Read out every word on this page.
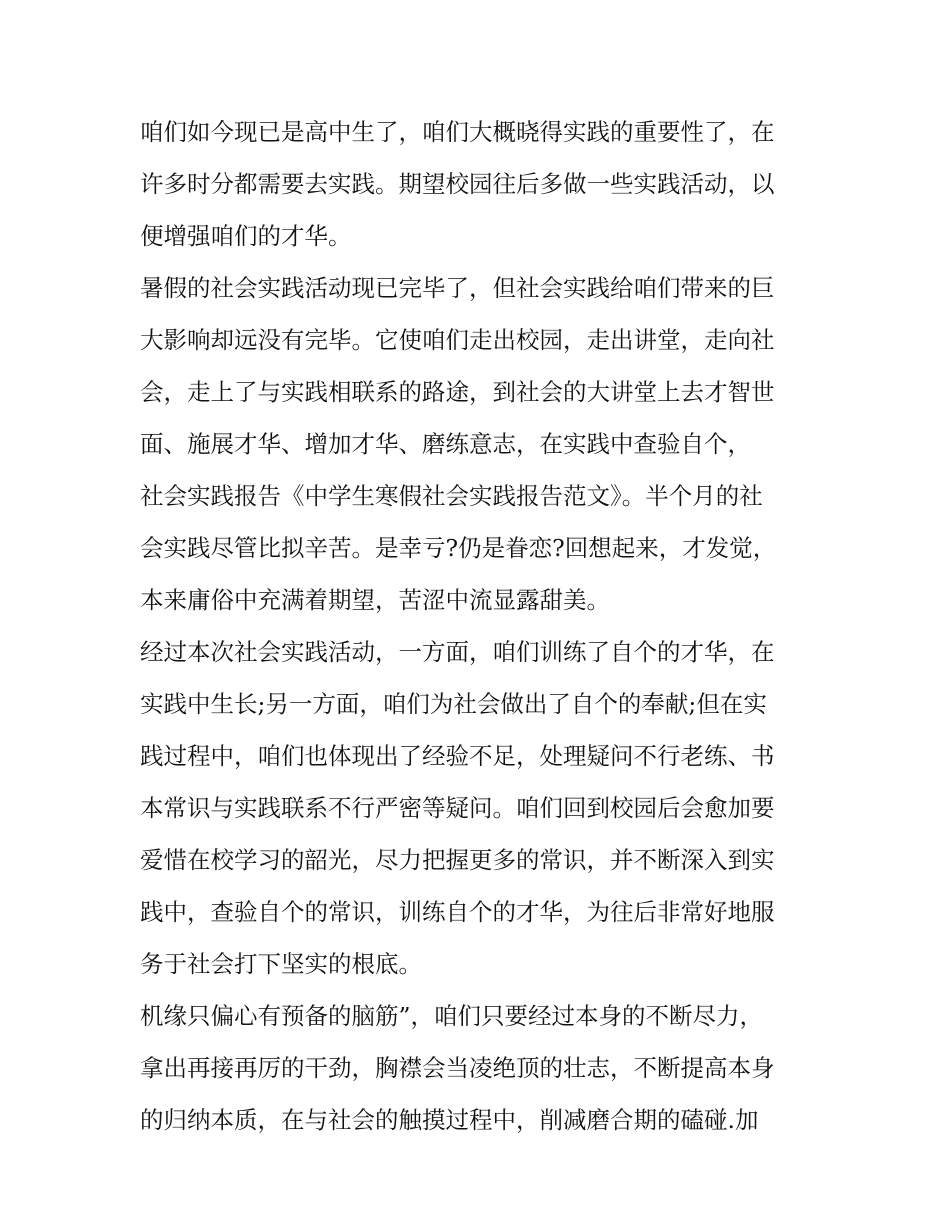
咱们如今现已是高中生了，咱们大概晓得实践的重要性了，在
许多时分都需要去实践。期望校园往后多做一些实践活动，以
便增强咱们的才华。
暑假的社会实践活动现已完毕了，但社会实践给咱们带来的巨
大影响却远没有完毕。它使咱们走出校园，走出讲堂，走向社
会，走上了与实践相联系的路途，到社会的大讲堂上去才智世
面、施展才华、增加才华、磨练意志，在实践中查验自个，
社会实践报告《中学生寒假社会实践报告范文》。半个月的社
会实践尽管比拟辛苦。是幸亏?仍是眷恋?回想起来，才发觉，
本来庸俗中充满着期望，苦涩中流显露甜美。
经过本次社会实践活动，一方面，咱们训练了自个的才华，在
实践中生长;另一方面，咱们为社会做出了自个的奉献;但在实
践过程中，咱们也体现出了经验不足，处理疑问不行老练、书
本常识与实践联系不行严密等疑问。咱们回到校园后会愈加要
爱惜在校学习的韶光，尽力把握更多的常识，并不断深入到实
践中，查验自个的常识，训练自个的才华，为往后非常好地服
务于社会打下坚实的根底。
机缘只偏心有预备的脑筋”，咱们只要经过本身的不断尽力，
拿出再接再厉的干劲，胸襟会当凌绝顶的壮志，不断提高本身
的归纳本质，在与社会的触摸过程中，削减磨合期的磕碰.加
